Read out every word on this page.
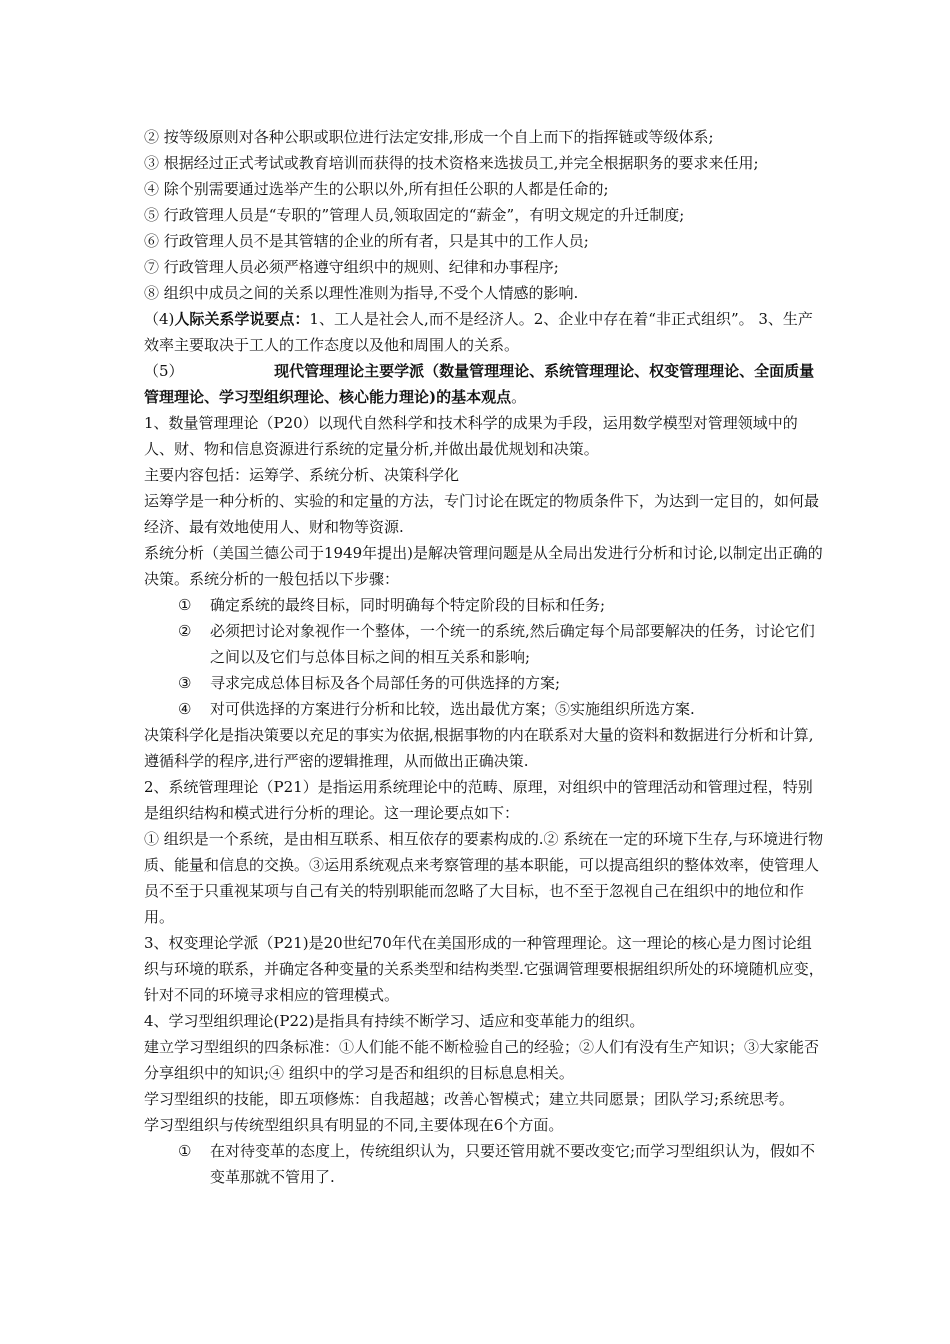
② 按等级原则对各种公职或职位进行法定安排,形成一个自上而下的指挥链或等级体系;

③ 根据经过正式考试或教育培训而获得的技术资格来选拔员工,并完全根据职务的要求来任用;

④ 除个别需要通过选举产生的公职以外,所有担任公职的人都是任命的;

⑤ 行政管理人员是“专职的”管理人员,领取固定的“薪金”，有明文规定的升迁制度;

⑥ 行政管理人员不是其管辖的企业的所有者，只是其中的工作人员;

⑦ 行政管理人员必须严格遵守组织中的规则、纪律和办事程序;

⑧ 组织中成员之间的关系以理性准则为指导,不受个人情感的影响.

（4)人际关系学说要点：1、工人是社会人,而不是经济人。2、企业中存在着“非正式组织”。 3、生产效率主要取决于工人的工作态度以及他和周围人的关系。

（5）	现代管理理论主要学派（数量管理理论、系统管理理论、权变管理理论、全面质量管理理论、学习型组织理论、核心能力理论)的基本观点。

1、数量管理理论（P20）以现代自然科学和技术科学的成果为手段，运用数学模型对管理领域中的人、财、物和信息资源进行系统的定量分析,并做出最优规划和决策。

主要内容包括：运筹学、系统分析、决策科学化

运筹学是一种分析的、实验的和定量的方法，专门讨论在既定的物质条件下，为达到一定目的，如何最经济、最有效地使用人、财和物等资源.

系统分析（美国兰德公司于1949年提出)是解决管理问题是从全局出发进行分析和讨论,以制定出正确的决策。系统分析的一般包括以下步骤：

① 确定系统的最终目标，同时明确每个特定阶段的目标和任务;

② 必须把讨论对象视作一个整体，一个统一的系统,然后确定每个局部要解决的任务，讨论它们之间以及它们与总体目标之间的相互关系和影响;

③ 寻求完成总体目标及各个局部任务的可供选择的方案;

④ 对可供选择的方案进行分析和比较，选出最优方案；⑤实施组织所选方案.

决策科学化是指决策要以充足的事实为依据,根据事物的内在联系对大量的资料和数据进行分析和计算,遵循科学的程序,进行严密的逻辑推理，从而做出正确决策.

2、系统管理理论（P21）是指运用系统理论中的范畴、原理，对组织中的管理活动和管理过程，特别是组织结构和模式进行分析的理论。这一理论要点如下：

① 组织是一个系统，是由相互联系、相互依存的要素构成的.② 系统在一定的环境下生存,与环境进行物质、能量和信息的交换。③运用系统观点来考察管理的基本职能，可以提高组织的整体效率，使管理人员不至于只重视某项与自己有关的特别职能而忽略了大目标，也不至于忽视自己在组织中的地位和作用。

3、权变理论学派（P21)是20世纪70年代在美国形成的一种管理理论。这一理论的核心是力图讨论组织与环境的联系，并确定各种变量的关系类型和结构类型.它强调管理要根据组织所处的环境随机应变，针对不同的环境寻求相应的管理模式。

4、学习型组织理论(P22)是指具有持续不断学习、适应和变革能力的组织。

建立学习型组织的四条标准：①人们能不能不断检验自己的经验；②人们有没有生产知识；③大家能否分享组织中的知识;④ 组织中的学习是否和组织的目标息息相关。

学习型组织的技能，即五项修炼：自我超越；改善心智模式；建立共同愿景；团队学习;系统思考。

学习型组织与传统型组织具有明显的不同,主要体现在6个方面。

① 在对待变革的态度上，传统组织认为，只要还管用就不要改变它;而学习型组织认为，假如不变革那就不管用了.
